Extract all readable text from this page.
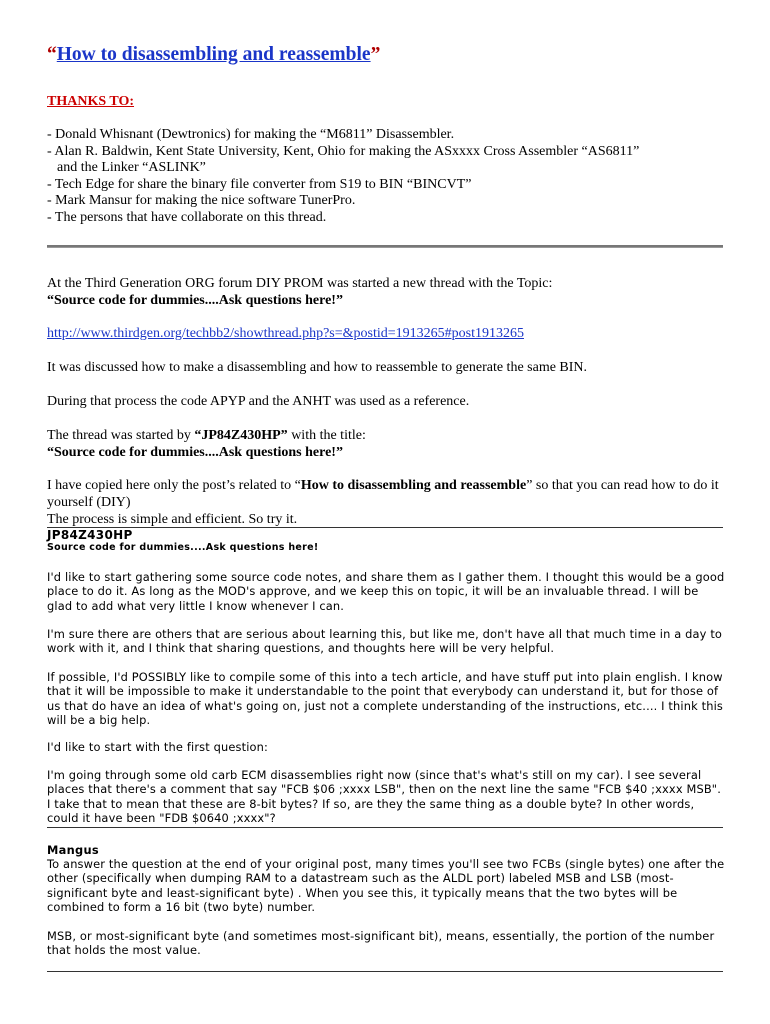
“How to disassembling and reassemble”
THANKS TO:
- Donald Whisnant (Dewtronics) for making the “M6811” Disassembler.
- Alan R. Baldwin, Kent State University, Kent, Ohio for making the ASxxxx Cross Assembler “AS6811”
and the Linker “ASLINK”
- Tech Edge for share the binary file converter from S19 to BIN “BINCVT”
- Mark Mansur for making the nice software TunerPro.
- The persons that have collaborate on this thread.
At the Third Generation ORG forum DIY PROM was started a new thread with the Topic:
“Source code for dummies....Ask questions here!”
http://www.thirdgen.org/techbb2/showthread.php?s=&postid=1913265#post1913265
It was discussed how to make a disassembling and how to reassemble to generate the same BIN.
During that process the code APYP and the ANHT was used as a reference.
The thread was started by “JP84Z430HP” with the title:
“Source code for dummies....Ask questions here!”
I have copied here only the post’s related to “How to disassembling and reassemble” so that you can read how to do it yourself (DIY)
The process is simple and efficient. So try it.
JP84Z430HP
Source code for dummies....Ask questions here!
I'd like to start gathering some source code notes, and share them as I gather them. I thought this would be a good place to do it. As long as the MOD's approve, and we keep this on topic, it will be an invaluable thread. I will be glad to add what very little I know whenever I can.
I'm sure there are others that are serious about learning this, but like me, don't have all that much time in a day to work with it, and I think that sharing questions, and thoughts here will be very helpful.
If possible, I'd POSSIBLY like to compile some of this into a tech article, and have stuff put into plain english. I know that it will be impossible to make it understandable to the point that everybody can understand it, but for those of us that do have an idea of what's going on, just not a complete understanding of the instructions, etc.... I think this will be a big help.
I'd like to start with the first question:
I'm going through some old carb ECM disassemblies right now (since that's what's still on my car). I see several places that there's a comment that say "FCB $06 ;xxxx LSB", then on the next line the same "FCB $40 ;xxxx MSB". I take that to mean that these are 8-bit bytes? If so, are they the same thing as a double byte? In other words, could it have been "FDB $0640 ;xxxx"?
Mangus
To answer the question at the end of your original post, many times you'll see two FCBs (single bytes) one after the other (specifically when dumping RAM to a datastream such as the ALDL port) labeled MSB and LSB (most-significant byte and least-significant byte) . When you see this, it typically means that the two bytes will be combined to form a 16 bit (two byte) number.
MSB, or most-significant byte (and sometimes most-significant bit), means, essentially, the portion of the number that holds the most value.
